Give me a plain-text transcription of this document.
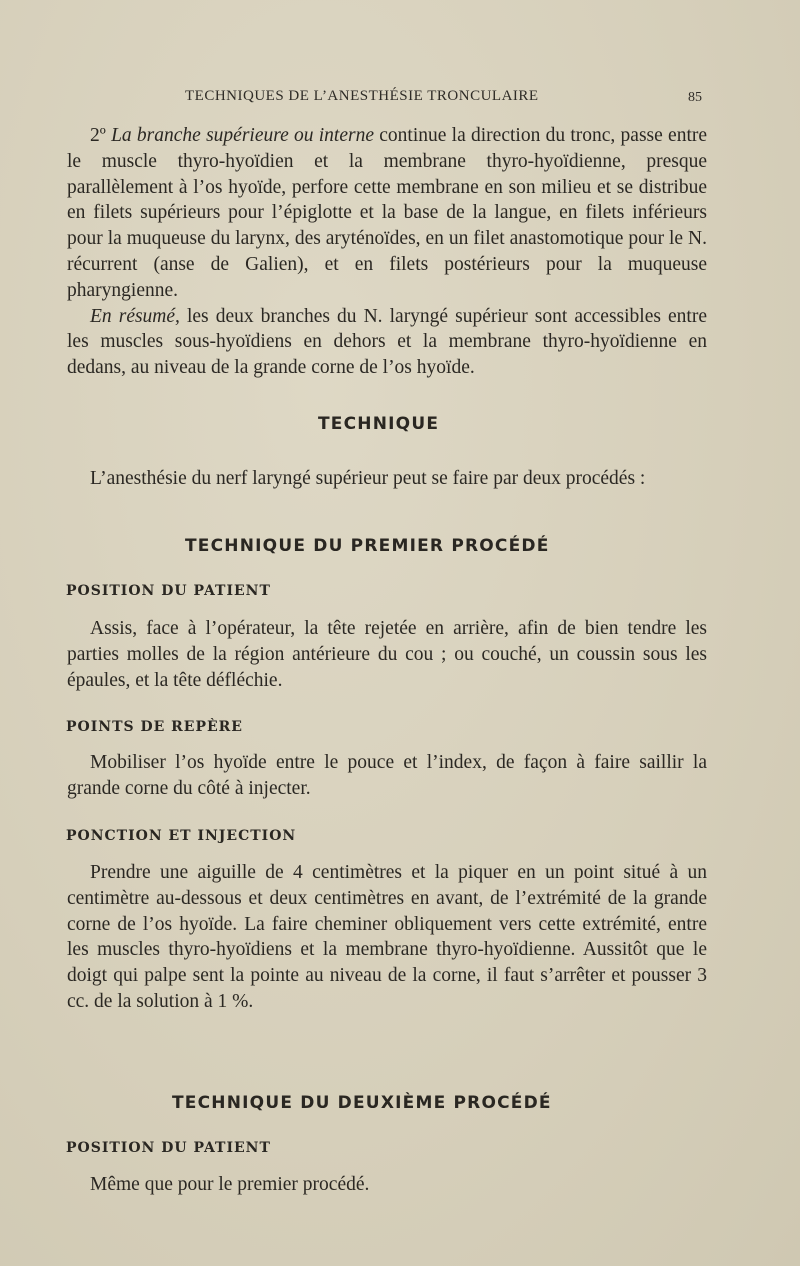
TECHNIQUES DE L’ANESTHÉSIE TRONCULAIRE	85

2º La branche supérieure ou interne continue la direction du tronc, passe entre le muscle thyro-hyoïdien et la membrane thyro-hyoïdienne, presque parallèlement à l’os hyoïde, perfore cette membrane en son milieu et se distribue en filets supérieurs pour l’épiglotte et la base de la langue, en filets inférieurs pour la muqueuse du larynx, des aryténoïdes, en un filet anastomotique pour le N. récurrent (anse de Galien), et en filets postérieurs pour la muqueuse pharyngienne.

En résumé, les deux branches du N. laryngé supérieur sont accessibles entre les muscles sous-hyoïdiens en dehors et la membrane thyro-hyoïdienne en dedans, au niveau de la grande corne de l’os hyoïde.

TECHNIQUE

L’anesthésie du nerf laryngé supérieur peut se faire par deux procédés :

TECHNIQUE DU PREMIER PROCÉDÉ
POSITION DU PATIENT

Assis, face à l’opérateur, la tête rejetée en arrière, afin de bien tendre les parties molles de la région antérieure du cou ; ou couché, un coussin sous les épaules, et la tête défléchie.

POINTS DE REPÈRE

Mobiliser l’os hyoïde entre le pouce et l’index, de façon à faire saillir la grande corne du côté à injecter.

PONCTION ET INJECTION

Prendre une aiguille de 4 centimètres et la piquer en un point situé à un centimètre au-dessous et deux centimètres en avant, de l’extrémité de la grande corne de l’os hyoïde. La faire cheminer obliquement vers cette extrémité, entre les muscles thyro-hyoïdiens et la membrane thyro-hyoïdienne. Aussitôt que le doigt qui palpe sent la pointe au niveau de la corne, il faut s’arrêter et pousser 3 cc. de la solution à 1 %.

TECHNIQUE DU DEUXIÈME PROCÉDÉ
POSITION DU PATIENT

Même que pour le premier procédé.
